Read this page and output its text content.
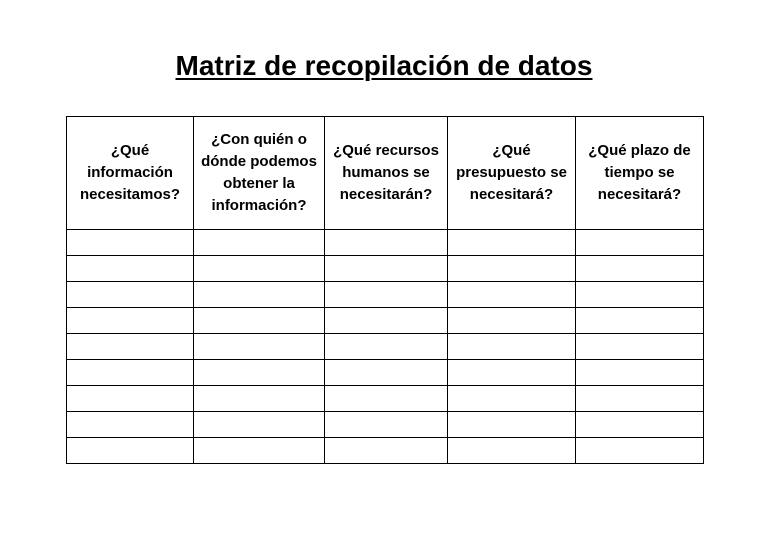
Matriz de recopilación de datos
¿Qué información necesitamos?	¿Con quién o dónde podemos obtener la información?	¿Qué recursos humanos se necesitarán?	¿Qué presupuesto se necesitará?	¿Qué plazo de tiempo se necesitará?
